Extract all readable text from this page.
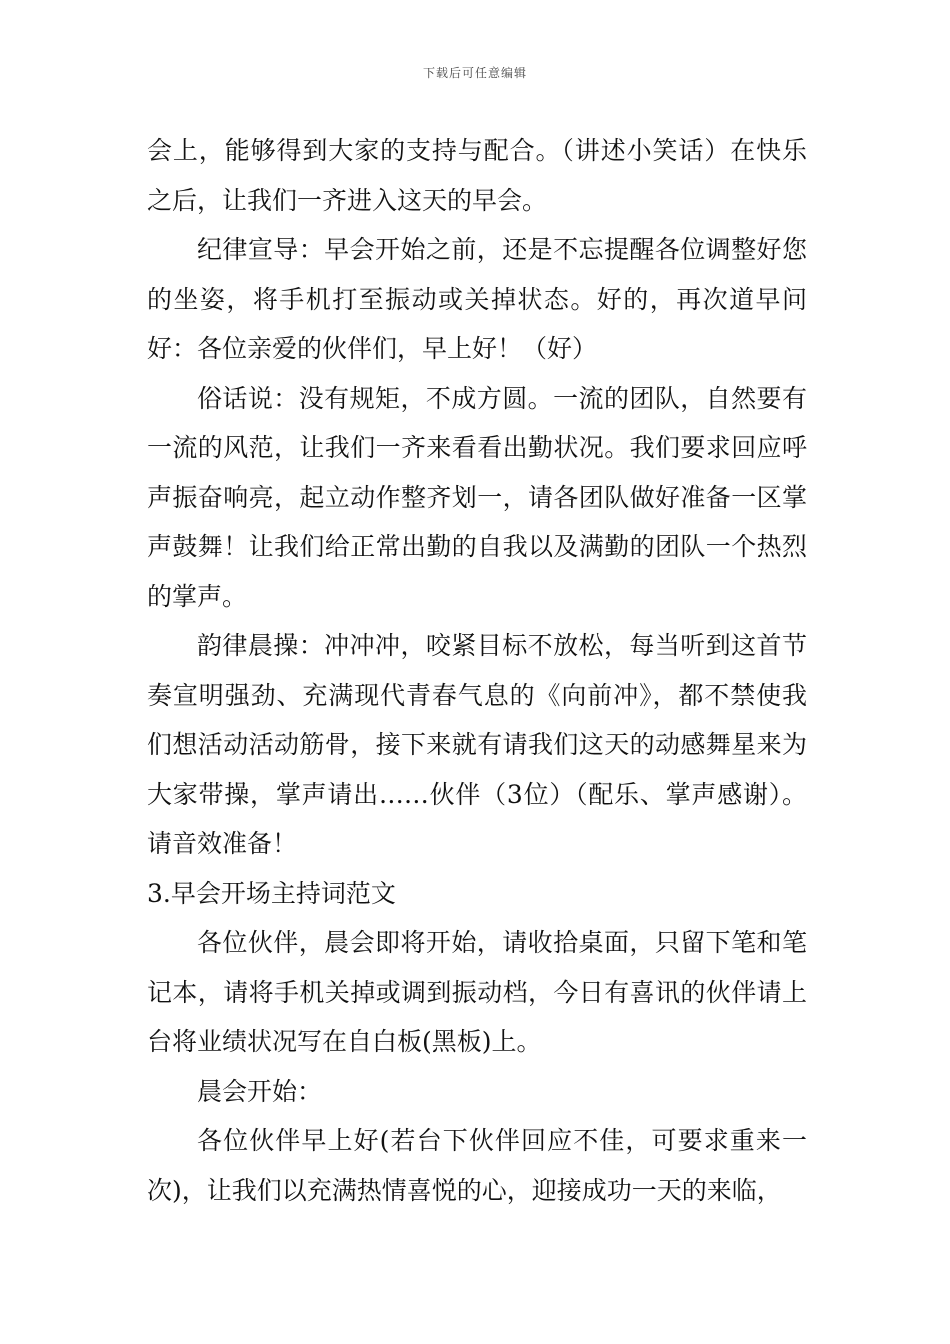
下载后可任意编辑

会上，能够得到大家的支持与配合。（讲述小笑话）在快乐之后，让我们一齐进入这天的早会。

纪律宣导：早会开始之前，还是不忘提醒各位调整好您的坐姿，将手机打至振动或关掉状态。好的，再次道早问好：各位亲爱的伙伴们，早上好！（好）

俗话说：没有规矩，不成方圆。一流的团队，自然要有一流的风范，让我们一齐来看看出勤状况。我们要求回应呼声振奋响亮，起立动作整齐划一，请各团队做好准备一区掌声鼓舞！让我们给正常出勤的自我以及满勤的团队一个热烈的掌声。

韵律晨操：冲冲冲，咬紧目标不放松，每当听到这首节奏宣明强劲、充满现代青春气息的《向前冲》，都不禁使我们想活动活动筋骨，接下来就有请我们这天的动感舞星来为大家带操，掌声请出……伙伴（3位）（配乐、掌声感谢）。请音效准备！

3.早会开场主持词范文

各位伙伴，晨会即将开始，请收拾桌面，只留下笔和笔记本，请将手机关掉或调到振动档，今日有喜讯的伙伴请上台将业绩状况写在自白板(黑板)上。

晨会开始：

各位伙伴早上好(若台下伙伴回应不佳，可要求重来一次)，让我们以充满热情喜悦的心，迎接成功一天的来临，
